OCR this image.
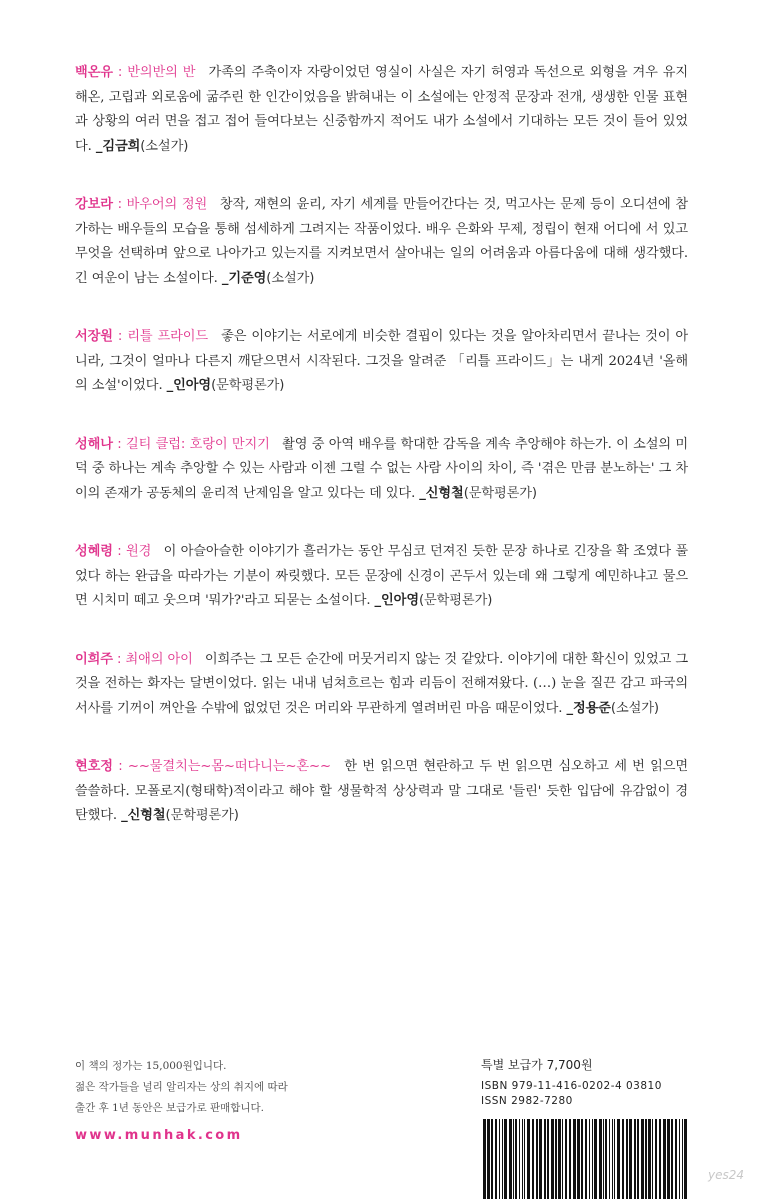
백온유 : 반의반의 반 가족의 주축이자 자랑이었던 영실이 사실은 자기 허영과 독선으로 외형을 겨우 유지해온, 고립과 외로움에 굶주린 한 인간이었음을 밝혀내는 이 소설에는 안정적 문장과 전개, 생생한 인물 표현과 상황의 여러 면을 접고 접어 들여다보는 신중함까지 적어도 내가 소설에서 기대하는 모든 것이 들어 있었다. _김금희(소설가)

강보라 : 바우어의 정원 창작, 재현의 윤리, 자기 세계를 만들어간다는 것, 먹고사는 문제 등이 오디션에 참가하는 배우들의 모습을 통해 섬세하게 그려지는 작품이었다. 배우 은화와 무제, 정립이 현재 어디에 서 있고 무엇을 선택하며 앞으로 나아가고 있는지를 지켜보면서 살아내는 일의 어려움과 아름다움에 대해 생각했다. 긴 여운이 남는 소설이다. _기준영(소설가)

서장원 : 리틀 프라이드 좋은 이야기는 서로에게 비슷한 결핍이 있다는 것을 알아차리면서 끝나는 것이 아니라, 그것이 얼마나 다른지 깨닫으면서 시작된다. 그것을 알려준 「리틀 프라이드」는 내게 2024년 '올해의 소설'이었다. _인아영(문학평론가)

성해나 : 길티 클럽: 호랑이 만지기 촬영 중 아역 배우를 학대한 감독을 계속 추앙해야 하는가. 이 소설의 미덕 중 하나는 계속 추앙할 수 있는 사람과 이젠 그럴 수 없는 사람 사이의 차이, 즉 '겪은 만큼 분노하는' 그 차이의 존재가 공동체의 윤리적 난제임을 알고 있다는 데 있다. _신형철(문학평론가)

성혜령 : 원경 이 아슬아슬한 이야기가 흘러가는 동안 무심코 던져진 듯한 문장 하나로 긴장을 확 조였다 풀었다 하는 완급을 따라가는 기분이 짜릿했다. 모든 문장에 신경이 곤두서 있는데 왜 그렇게 예민하냐고 물으면 시치미 떼고 웃으며 '뭐가?'라고 되묻는 소설이다. _인아영(문학평론가)

이희주 : 최애의 아이 이희주는 그 모든 순간에 머뭇거리지 않는 것 같았다. 이야기에 대한 확신이 있었고 그것을 전하는 화자는 달변이었다. 읽는 내내 넘쳐흐르는 힘과 리듬이 전해져왔다. (…) 눈을 질끈 감고 파국의 서사를 기꺼이 껴안을 수밖에 없었던 것은 머리와 무관하게 열려버린 마음 때문이었다. _정용준(소설가)

현호정 : ~~물결치는~몸~떠다니는~혼~~ 한 번 읽으면 현란하고 두 번 읽으면 심오하고 세 번 읽으면 쓸쓸하다. 모폴로지(형태학)적이라고 해야 할 생물학적 상상력과 말 그대로 '들린' 듯한 입담에 유감없이 경탄했다. _신형철(문학평론가)

이 책의 정가는 15,000원입니다.
젊은 작가들을 널리 알리자는 상의 취지에 따라
출간 후 1년 동안은 보급가로 판매합니다.
www.munhak.com
특별 보급가 7,700원
ISBN 979-11-416-0202-4 03810
ISSN 2982-7280
yes24
